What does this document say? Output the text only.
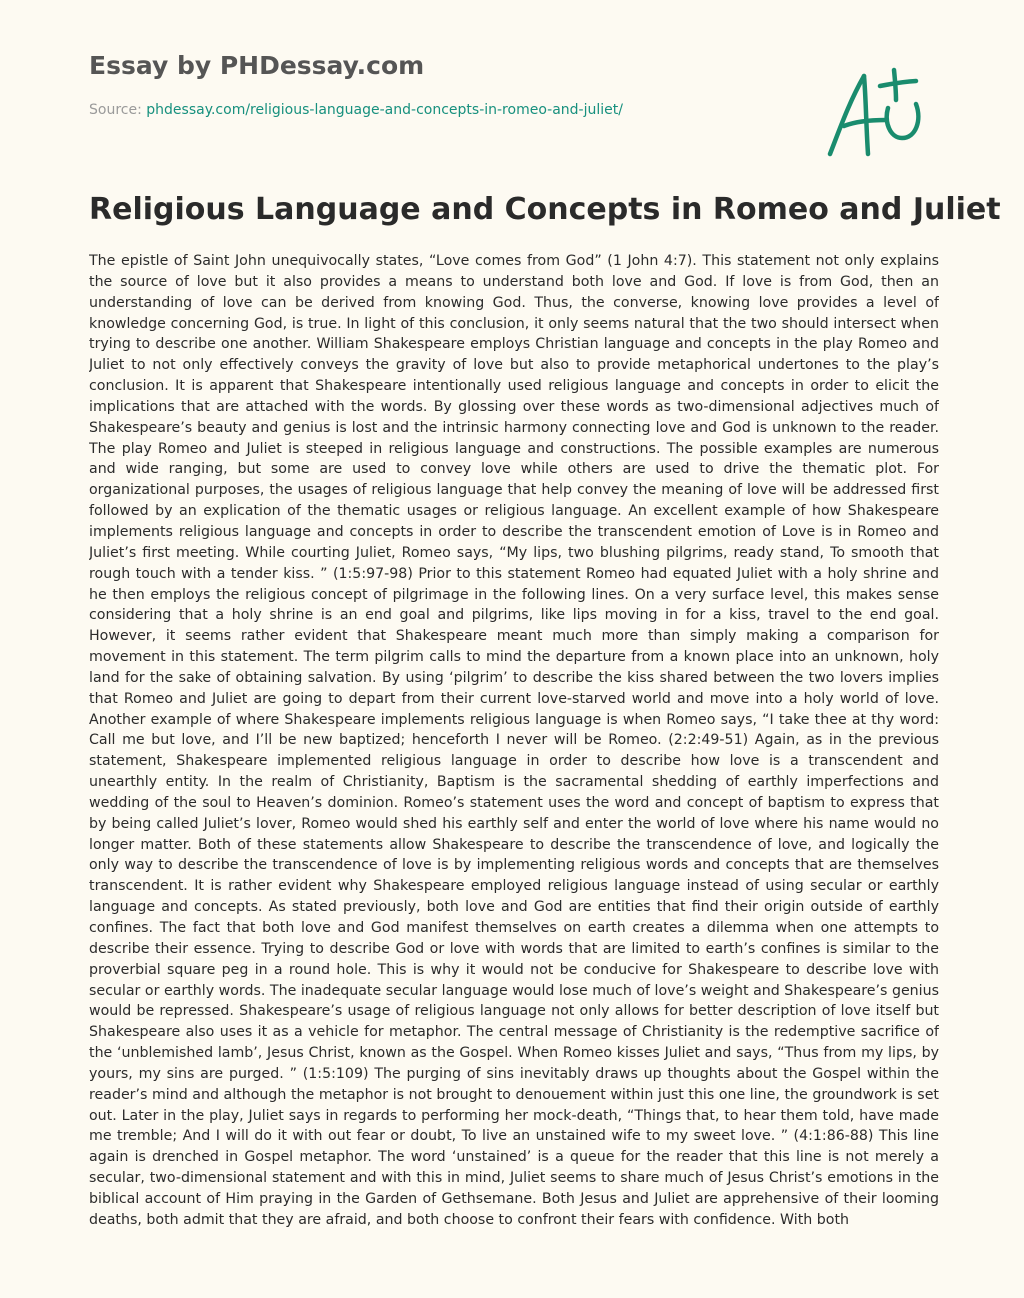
Essay by PHDessay.com
Source: phdessay.com/religious-language-and-concepts-in-romeo-and-juliet/
Religious Language and Concepts in Romeo and Juliet

The epistle of Saint John unequivocally states, “Love comes from God” (1 John 4:7). This statement not only explains the source of love but it also provides a means to understand both love and God. If love is from God, then an understanding of love can be derived from knowing God. Thus, the converse, knowing love provides a level of knowledge concerning God, is true. In light of this conclusion, it only seems natural that the two should intersect when trying to describe one another. William Shakespeare employs Christian language and concepts in the play Romeo and Juliet to not only effectively conveys the gravity of love but also to provide metaphorical undertones to the play’s conclusion. It is apparent that Shakespeare intentionally used religious language and concepts in order to elicit the implications that are attached with the words. By glossing over these words as two-dimensional adjectives much of Shakespeare’s beauty and genius is lost and the intrinsic harmony connecting love and God is unknown to the reader. The play Romeo and Juliet is steeped in religious language and constructions. The possible examples are numerous and wide ranging, but some are used to convey love while others are used to drive the thematic plot. For organizational purposes, the usages of religious language that help convey the meaning of love will be addressed first followed by an explication of the thematic usages or religious language. An excellent example of how Shakespeare implements religious language and concepts in order to describe the transcendent emotion of Love is in Romeo and Juliet’s first meeting. While courting Juliet, Romeo says, “My lips, two blushing pilgrims, ready stand, To smooth that rough touch with a tender kiss. ” (1:5:97-98) Prior to this statement Romeo had equated Juliet with a holy shrine and he then employs the religious concept of pilgrimage in the following lines. On a very surface level, this makes sense considering that a holy shrine is an end goal and pilgrims, like lips moving in for a kiss, travel to the end goal. However, it seems rather evident that Shakespeare meant much more than simply making a comparison for movement in this statement. The term pilgrim calls to mind the departure from a known place into an unknown, holy land for the sake of obtaining salvation. By using ‘pilgrim’ to describe the kiss shared between the two lovers implies that Romeo and Juliet are going to depart from their current love-starved world and move into a holy world of love. Another example of where Shakespeare implements religious language is when Romeo says, “I take thee at thy word: Call me but love, and I’ll be new baptized; henceforth I never will be Romeo. (2:2:49-51) Again, as in the previous statement, Shakespeare implemented religious language in order to describe how love is a transcendent and unearthly entity. In the realm of Christianity, Baptism is the sacramental shedding of earthly imperfections and wedding of the soul to Heaven’s dominion. Romeo’s statement uses the word and concept of baptism to express that by being called Juliet’s lover, Romeo would shed his earthly self and enter the world of love where his name would no longer matter. Both of these statements allow Shakespeare to describe the transcendence of love, and logically the only way to describe the transcendence of love is by implementing religious words and concepts that are themselves transcendent. It is rather evident why Shakespeare employed religious language instead of using secular or earthly language and concepts. As stated previously, both love and God are entities that find their origin outside of earthly confines. The fact that both love and God manifest themselves on earth creates a dilemma when one attempts to describe their essence. Trying to describe God or love with words that are limited to earth’s confines is similar to the proverbial square peg in a round hole. This is why it would not be conducive for Shakespeare to describe love with secular or earthly words. The inadequate secular language would lose much of love’s weight and Shakespeare’s genius would be repressed. Shakespeare’s usage of religious language not only allows for better description of love itself but Shakespeare also uses it as a vehicle for metaphor. The central message of Christianity is the redemptive sacrifice of the ‘unblemished lamb’, Jesus Christ, known as the Gospel. When Romeo kisses Juliet and says, “Thus from my lips, by yours, my sins are purged. ” (1:5:109) The purging of sins inevitably draws up thoughts about the Gospel within the reader’s mind and although the metaphor is not brought to denouement within just this one line, the groundwork is set out. Later in the play, Juliet says in regards to performing her mock-death, “Things that, to hear them told, have made me tremble; And I will do it with out fear or doubt, To live an unstained wife to my sweet love. ” (4:1:86-88) This line again is drenched in Gospel metaphor. The word ‘unstained’ is a queue for the reader that this line is not merely a secular, two-dimensional statement and with this in mind, Juliet seems to share much of Jesus Christ’s emotions in the biblical account of Him praying in the Garden of Gethsemane. Both Jesus and Juliet are apprehensive of their looming deaths, both admit that they are afraid, and both choose to confront their fears with confidence. With both
